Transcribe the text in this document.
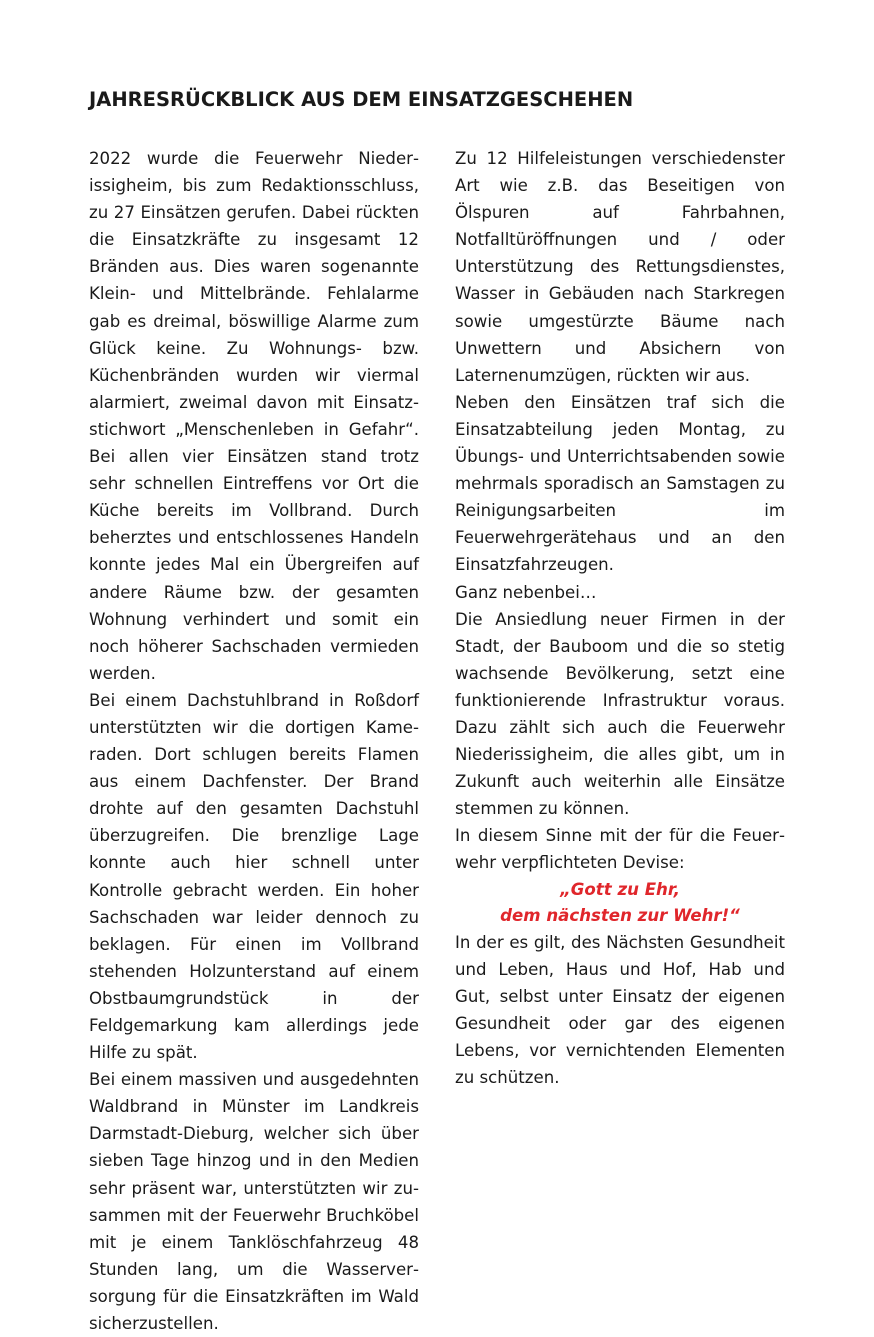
JAHRESRÜCKBLICK AUS DEM EINSATZGESCHEHEN

2022 wurde die Feuerwehr Niederissigheim, bis zum Redaktionsschluss, zu 27 Einsätzen gerufen. Dabei rückten die Einsatzkräfte zu insgesamt 12 Bränden aus. Dies waren sogenannte Klein- und Mittelbrände. Fehlalarme gab es dreimal, böswillige Alarme zum Glück keine. Zu Wohnungs- bzw. Küchenbränden wurden wir viermal alarmiert, zweimal davon mit Einsatzstichwort „Menschenleben in Gefahr“. Bei allen vier Einsätzen stand trotz sehr schnellen Eintreffens vor Ort die Küche bereits im Vollbrand. Durch beherztes und entschlossenes Handeln konnte jedes Mal ein Übergreifen auf andere Räume bzw. der gesamten Wohnung verhindert und somit ein noch höherer Sachschaden vermieden werden.

Bei einem Dachstuhlbrand in Roßdorf unterstützten wir die dortigen Kameraden. Dort schlugen bereits Flamen aus einem Dachfenster. Der Brand drohte auf den gesamten Dachstuhl überzugreifen. Die brenzlige Lage konnte auch hier schnell unter Kontrolle gebracht werden. Ein hoher Sachschaden war leider dennoch zu beklagen. Für einen im Vollbrand stehenden Holzunterstand auf einem Obstbaumgrundstück in der Feldgemarkung kam allerdings jede Hilfe zu spät.

Bei einem massiven und ausgedehnten Waldbrand in Münster im Landkreis Darmstadt-Dieburg, welcher sich über sieben Tage hinzog und in den Medien sehr präsent war, unterstützten wir zusammen mit der Feuerwehr Bruchköbel mit je einem Tanklöschfahrzeug 48 Stunden lang, um die Wasserversorgung für die Einsatzkräften im Wald sicherzustellen.

Zu 12 Hilfeleistungen verschiedenster Art wie z.B. das Beseitigen von Ölspuren auf Fahrbahnen, Notfalltüröffnungen und / oder Unterstützung des Rettungsdienstes, Wasser in Gebäuden nach Starkregen sowie umgestürzte Bäume nach Unwettern und Absichern von Laternenumzügen, rückten wir aus.

Neben den Einsätzen traf sich die Einsatzabteilung jeden Montag, zu Übungs- und Unterrichtsabenden sowie mehrmals sporadisch an Samstagen zu Reinigungsarbeiten im Feuerwehrgerätehaus und an den Einsatzfahrzeugen.

Ganz nebenbei…

Die Ansiedlung neuer Firmen in der Stadt, der Bauboom und die so stetig wachsende Bevölkerung, setzt eine funktionierende Infrastruktur voraus. Dazu zählt sich auch die Feuerwehr Niederissigheim, die alles gibt, um in Zukunft auch weiterhin alle Einsätze stemmen zu können.

In diesem Sinne mit der für die Feuerwehr verpflichteten Devise:

„Gott zu Ehr,
dem nächsten zur Wehr!“

In der es gilt, des Nächsten Gesundheit und Leben, Haus und Hof, Hab und Gut, selbst unter Einsatz der eigenen Gesundheit oder gar des eigenen Lebens, vor vernichtenden Elementen zu schützen.
